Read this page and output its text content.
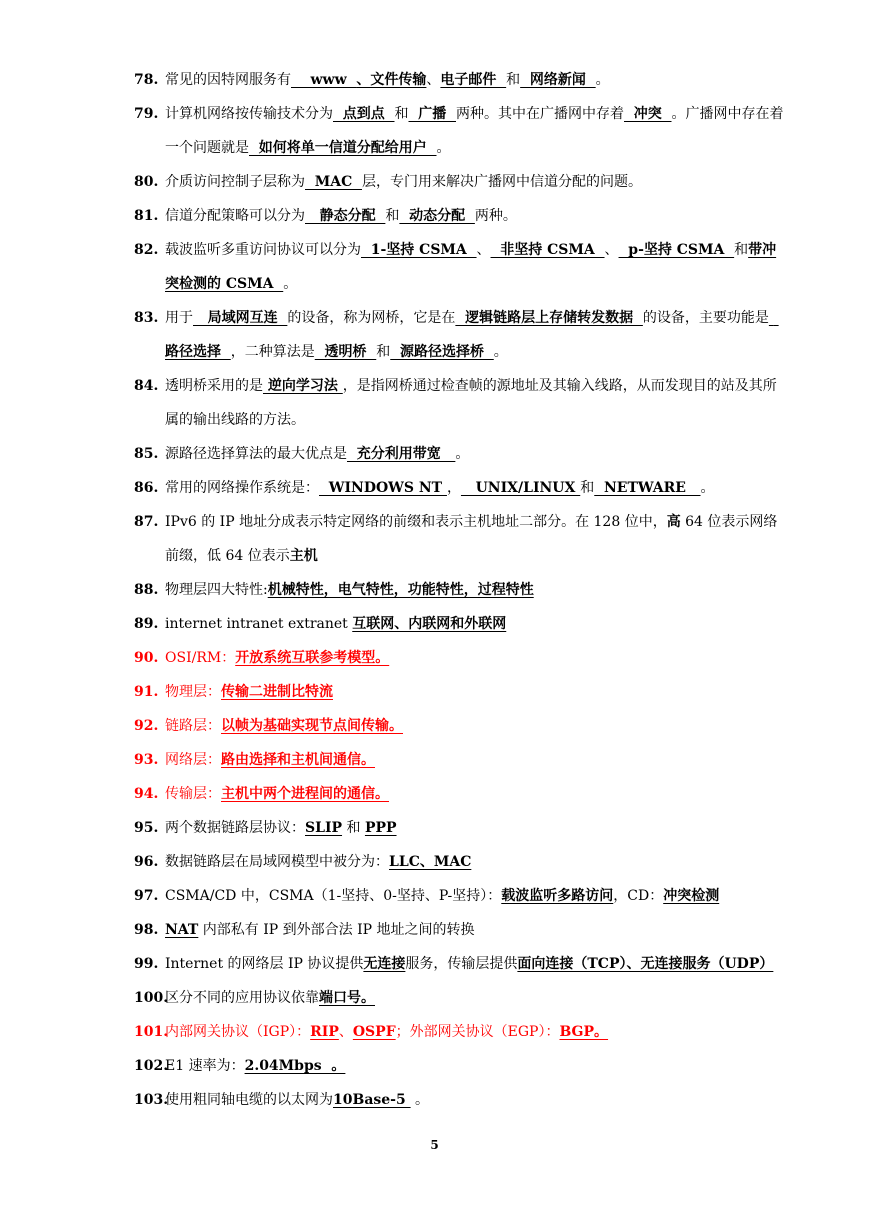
78. 常见的因特网服务有    www  、文件传输、电子邮件  和  网络新闻  。
79. 计算机网络按传输技术分为  点到点  和  广播  两种。其中在广播网中存着  冲突  。广播网中存在着一个问题就是  如何将单一信道分配给用户  。
80. 介质访问控制子层称为  MAC  层，专门用来解决广播网中信道分配的问题。
81. 信道分配策略可以分为   静态分配  和  动态分配  两种。
82. 载波监听多重访问协议可以分为  1-坚持 CSMA  、  非坚持 CSMA  、  p-坚持 CSMA  和带冲突检测的 CSMA  。
83. 用于   局域网互连  的设备，称为网桥，它是在  逻辑链路层上存储转发数据  的设备，主要功能是  路径选择  ，二种算法是  透明桥  和  源路径选择桥  。
84. 透明桥采用的是 逆向学习法 ，是指网桥通过检查帧的源地址及其输入线路，从而发现目的站及其所属的输出线路的方法。
85. 源路径选择算法的最大优点是  充分利用带宽   。
86. 常用的网络操作系统是：  WINDOWS NT ，   UNIX/LINUX 和  NETWARE   。
87. IPv6 的 IP 地址分成表示特定网络的前缀和表示主机地址二部分。在 128 位中，高 64 位表示网络前缀，低 64 位表示主机
88. 物理层四大特性:机械特性，电气特性，功能特性，过程特性
89. internet intranet extranet 互联网、内联网和外联网
90. OSI/RM：开放系统互联参考模型。
91. 物理层：传输二进制比特流
92. 链路层：以帧为基础实现节点间传输。
93. 网络层：路由选择和主机间通信。
94. 传输层：主机中两个进程间的通信。
95. 两个数据链路层协议：SLIP 和 PPP
96. 数据链路层在局域网模型中被分为：LLC、MAC
97. CSMA/CD 中，CSMA（1-坚持、0-坚持、P-坚持）：载波监听多路访问，CD：冲突检测
98. NAT 内部私有 IP 到外部合法 IP 地址之间的转换
99. Internet 的网络层 IP 协议提供无连接服务，传输层提供面向连接（TCP）、无连接服务（UDP）
100.
区分不同的应用协议依靠端口号。
101.
内部网关协议（IGP）：RIP、OSPF；外部网关协议（EGP）：BGP。
102.
E1 速率为：2.04Mbps  。
103.
使用粗同轴电缆的以太网为10Base-5  。
5
